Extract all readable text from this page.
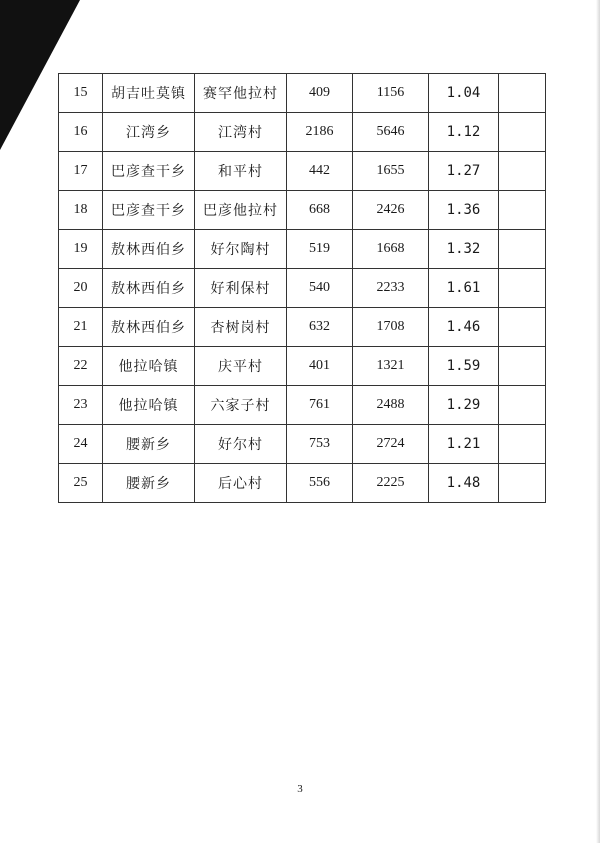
15	胡吉吐莫镇	赛罕他拉村	409	1156	1.04	
16	江湾乡	江湾村	2186	5646	1.12	
17	巴彦查干乡	和平村	442	1655	1.27	
18	巴彦查干乡	巴彦他拉村	668	2426	1.36	
19	敖林西伯乡	好尔陶村	519	1668	1.32	
20	敖林西伯乡	好利保村	540	2233	1.61	
21	敖林西伯乡	杏树岗村	632	1708	1.46	
22	他拉哈镇	庆平村	401	1321	1.59	
23	他拉哈镇	六家子村	761	2488	1.29	
24	腰新乡	好尔村	753	2724	1.21	
25	腰新乡	后心村	556	2225	1.48	
3
